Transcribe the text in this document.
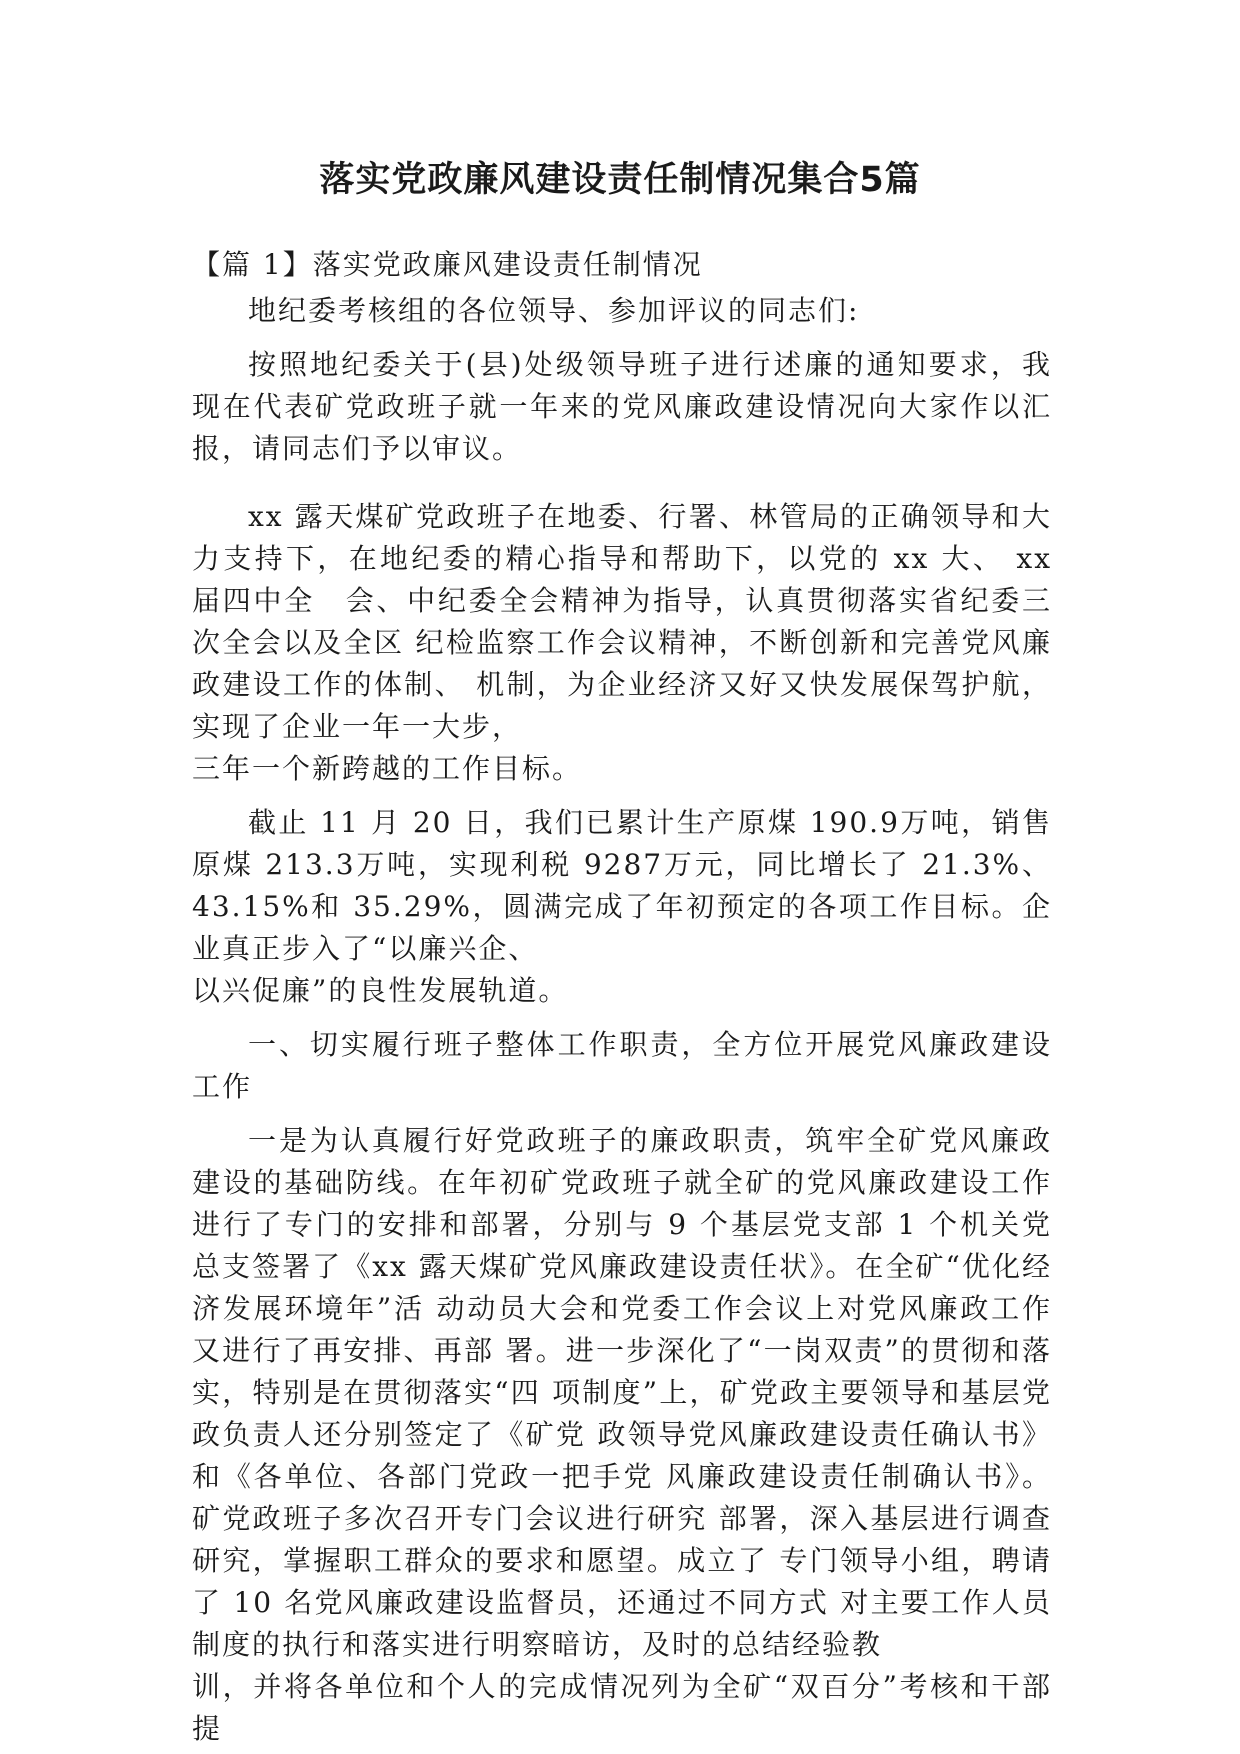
落实党政廉风建设责任制情况集合5篇

【篇 1】落实党政廉风建设责任制情况

地纪委考核组的各位领导、参加评议的同志们:

按照地纪委关于(县)处级领导班子进行述廉的通知要求，我现在代表矿党政班子就一年来的党风廉政建设情况向大家作以汇报，请同志们予以审议。

xx 露天煤矿党政班子在地委、行署、林管局的正确领导和大力支持下，在地纪委的精心指导和帮助下，以党的 xx 大、 xx 届四中全　会、中纪委全会精神为指导，认真贯彻落实省纪委三次全会以及全区 纪检监察工作会议精神，不断创新和完善党风廉政建设工作的体制、 机制，为企业经济又好又快发展保驾护航，实现了企业一年一大步，

三年一个新跨越的工作目标。

截止 11 月 20 日，我们已累计生产原煤 190.9万吨，销售原煤 213.3万吨，实现利税 9287万元，同比增长了 21.3%、43.15%和 35.29%，圆满完成了年初预定的各项工作目标。企业真正步入了“以廉兴企、

以兴促廉”的良性发展轨道。

一、切实履行班子整体工作职责，全方位开展党风廉政建设工作

一是为认真履行好党政班子的廉政职责，筑牢全矿党风廉政建设的基础防线。在年初矿党政班子就全矿的党风廉政建设工作进行了专门的安排和部署，分别与 9 个基层党支部 1 个机关党总支签署了《xx 露天煤矿党风廉政建设责任状》。在全矿“优化经济发展环境年”活 动动员大会和党委工作会议上对党风廉政工作又进行了再安排、再部 署。进一步深化了“一岗双责”的贯彻和落实，特别是在贯彻落实“四 项制度”上，矿党政主要领导和基层党政负责人还分别签定了《矿党 政领导党风廉政建设责任确认书》和《各单位、各部门党政一把手党 风廉政建设责任制确认书》。矿党政班子多次召开专门会议进行研究 部署，深入基层进行调查研究，掌握职工群众的要求和愿望。成立了 专门领导小组，聘请了 10 名党风廉政建设监督员，还通过不同方式 对主要工作人员制度的执行和落实进行明察暗访，及时的总结经验教

训，并将各单位和个人的完成情况列为全矿“双百分”考核和干部提
